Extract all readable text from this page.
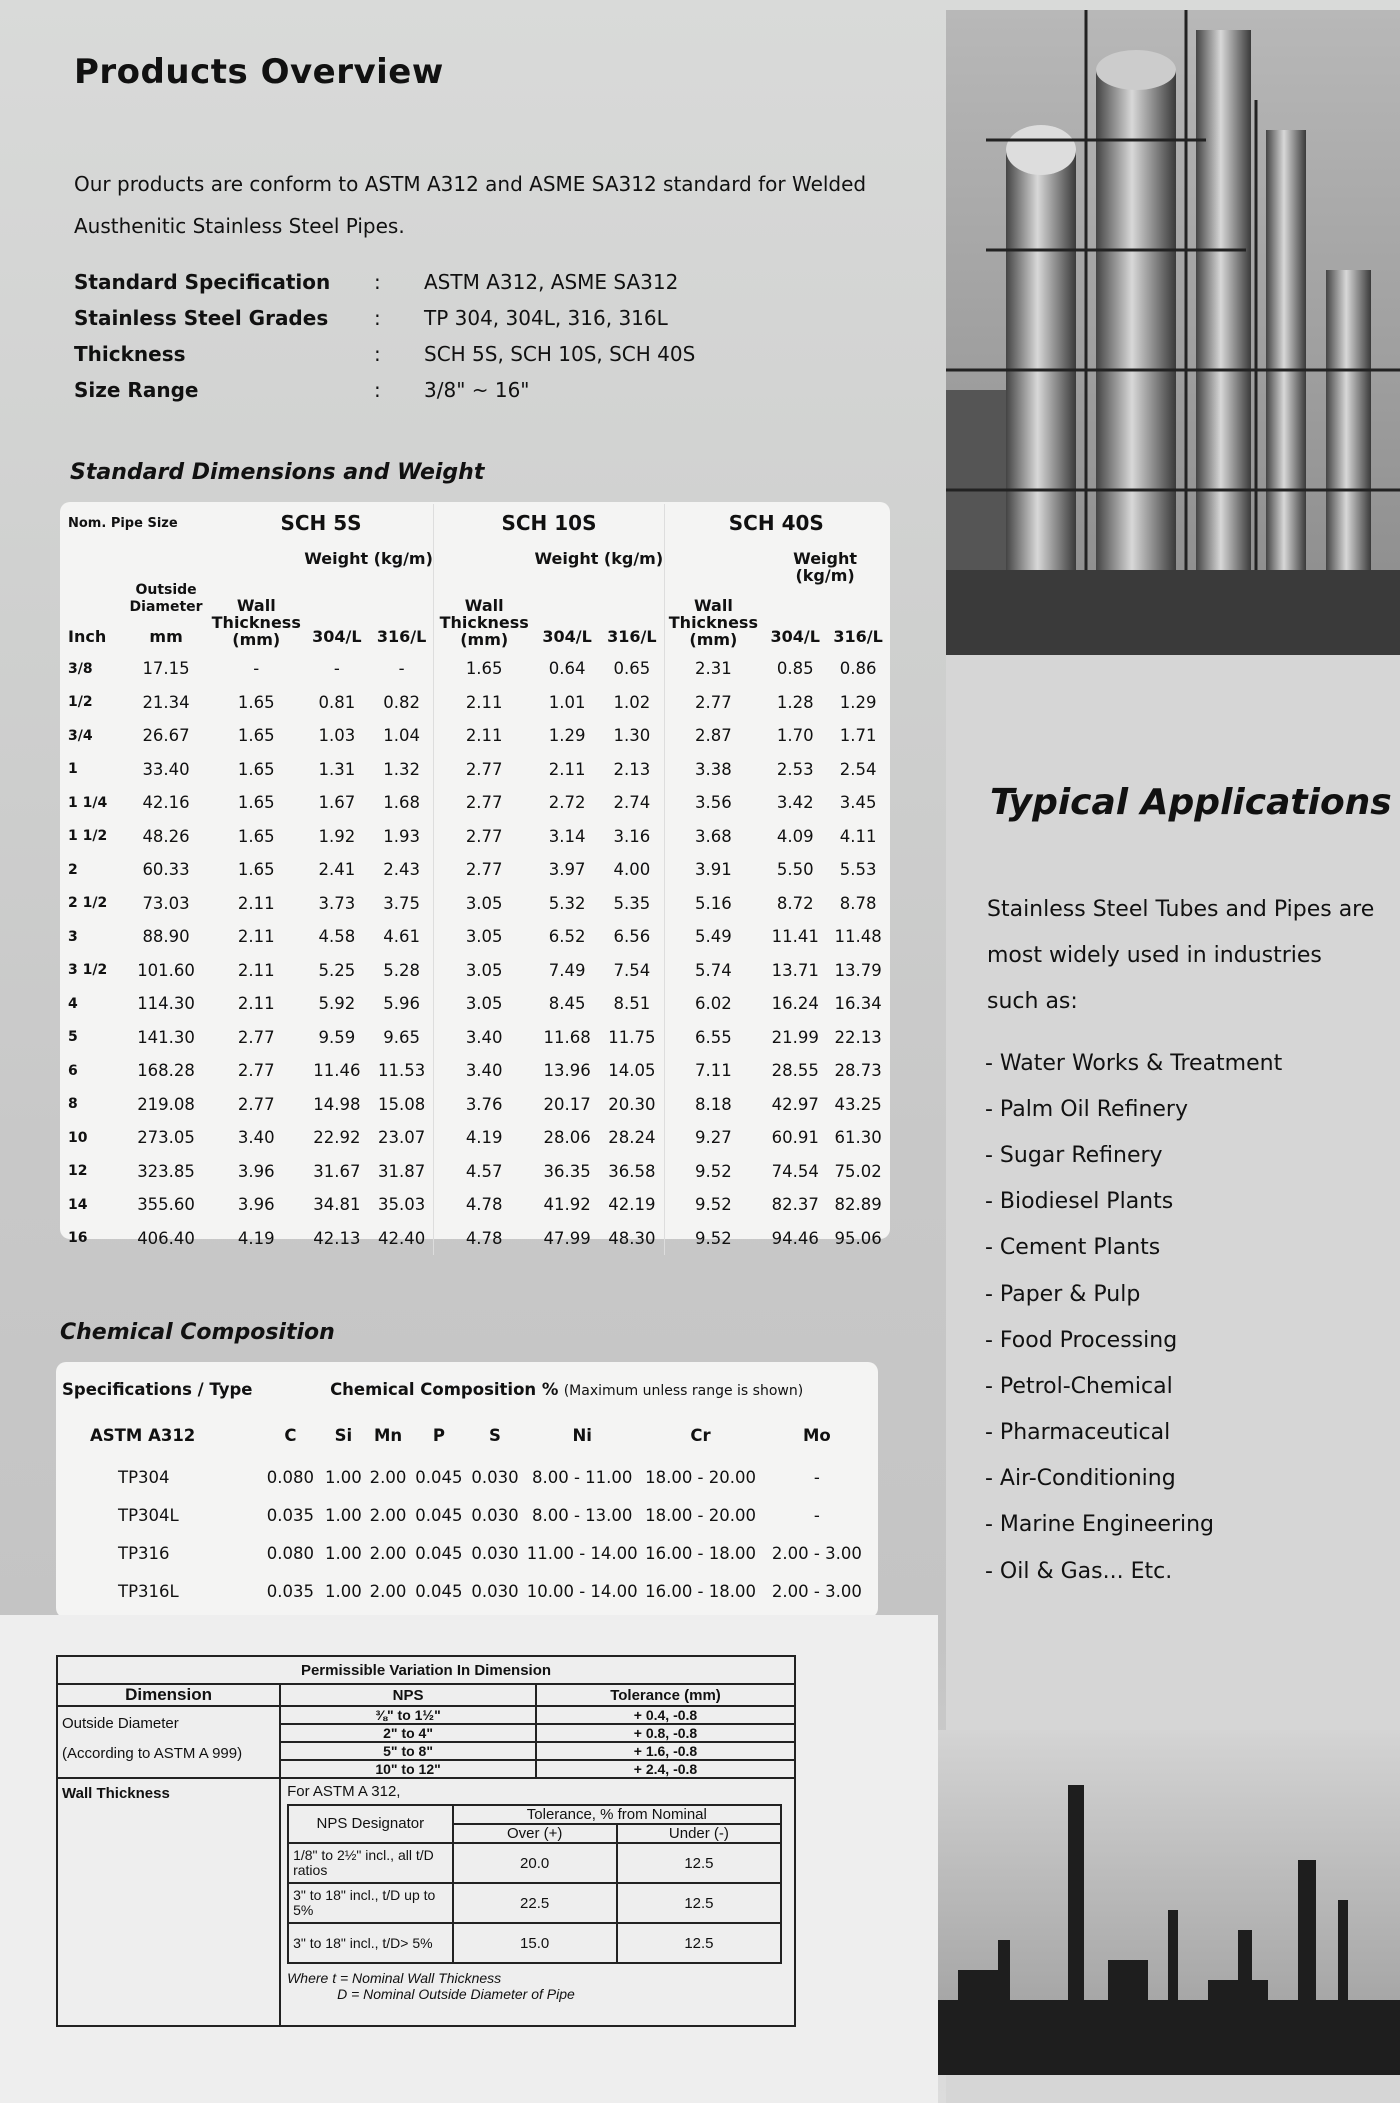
Products Overview
Our products are conform to ASTM A312 and ASME SA312 standard for Welded
Austhenitic Stainless Steel Pipes.
Standard Specification	:	ASTM A312, ASME SA312
Stainless Steel Grades	:	TP 304, 304L, 316, 316L
Thickness	:	SCH 5S, SCH 10S, SCH 40S
Size Range	:	3/8" ~ 16"
Standard Dimensions and Weight
Nom. Pipe Size		SCH 5S			SCH 10S			SCH 40S		
	Outside Diameter	Wall Thickness (mm)	Weight (kg/m)		Wall Thickness (mm)	Weight (kg/m)		Wall Thickness (mm)	Weight (kg/m)	
Inch	mm		304/L	316/L		304/L	316/L		304/L	316/L
3/8	17.15	-	-	-	1.65	0.64	0.65	2.31	0.85	0.86
1/2	21.34	1.65	0.81	0.82	2.11	1.01	1.02	2.77	1.28	1.29
3/4	26.67	1.65	1.03	1.04	2.11	1.29	1.30	2.87	1.70	1.71
1	33.40	1.65	1.31	1.32	2.77	2.11	2.13	3.38	2.53	2.54
1 1/4	42.16	1.65	1.67	1.68	2.77	2.72	2.74	3.56	3.42	3.45
1 1/2	48.26	1.65	1.92	1.93	2.77	3.14	3.16	3.68	4.09	4.11
2	60.33	1.65	2.41	2.43	2.77	3.97	4.00	3.91	5.50	5.53
2 1/2	73.03	2.11	3.73	3.75	3.05	5.32	5.35	5.16	8.72	8.78
3	88.90	2.11	4.58	4.61	3.05	6.52	6.56	5.49	11.41	11.48
3 1/2	101.60	2.11	5.25	5.28	3.05	7.49	7.54	5.74	13.71	13.79
4	114.30	2.11	5.92	5.96	3.05	8.45	8.51	6.02	16.24	16.34
5	141.30	2.77	9.59	9.65	3.40	11.68	11.75	6.55	21.99	22.13
6	168.28	2.77	11.46	11.53	3.40	13.96	14.05	7.11	28.55	28.73
8	219.08	2.77	14.98	15.08	3.76	20.17	20.30	8.18	42.97	43.25
10	273.05	3.40	22.92	23.07	4.19	28.06	28.24	9.27	60.91	61.30
12	323.85	3.96	31.67	31.87	4.57	36.35	36.58	9.52	74.54	75.02
14	355.60	3.96	34.81	35.03	4.78	41.92	42.19	9.52	82.37	82.89
16	406.40	4.19	42.13	42.40	4.78	47.99	48.30	9.52	94.46	95.06
Chemical Composition
Specifications / Type	Chemical Composition % (Maximum unless range is shown)							
ASTM A312	C	Si	Mn	P	S	Ni	Cr	Mo
TP304	0.080	1.00	2.00	0.045	0.030	8.00 - 11.00	18.00 - 20.00	-
TP304L	0.035	1.00	2.00	0.045	0.030	8.00 - 13.00	18.00 - 20.00	-
TP316	0.080	1.00	2.00	0.045	0.030	11.00 - 14.00	16.00 - 18.00	2.00 - 3.00
TP316L	0.035	1.00	2.00	0.045	0.030	10.00 - 14.00	16.00 - 18.00	2.00 - 3.00
Permissible Variation In Dimension
Dimension	NPS	Tolerance (mm)

Outside Diameter
(According to ASTM A 999)
	⅜" to 1½"	+ 0.4, -0.8
2" to 4"	+ 0.8, -0.8
5" to 8"	+ 1.6, -0.8
10" to 12"	+ 2.4, -0.8
Wall Thickness	For ASTM A 312,
NPS Designator	Tolerance, % from Nominal
Over (+)	Under (-)
1/8" to 2½" incl., all t/D ratios	20.0	12.5
3" to 18" incl., t/D up to 5%	22.5	12.5
3" to 18" incl., t/D> 5%	15.0	12.5
Where t = Nominal Wall Thickness
D = Nominal Outside Diameter of Pipe
Typical Applications
Stainless Steel Tubes and Pipes are
most widely used in industries
such as:
- Water Works & Treatment
- Palm Oil Refinery
- Sugar Refinery
- Biodiesel Plants
- Cement Plants
- Paper & Pulp
- Food Processing
- Petrol-Chemical
- Pharmaceutical
- Air-Conditioning
- Marine Engineering
- Oil & Gas... Etc.
